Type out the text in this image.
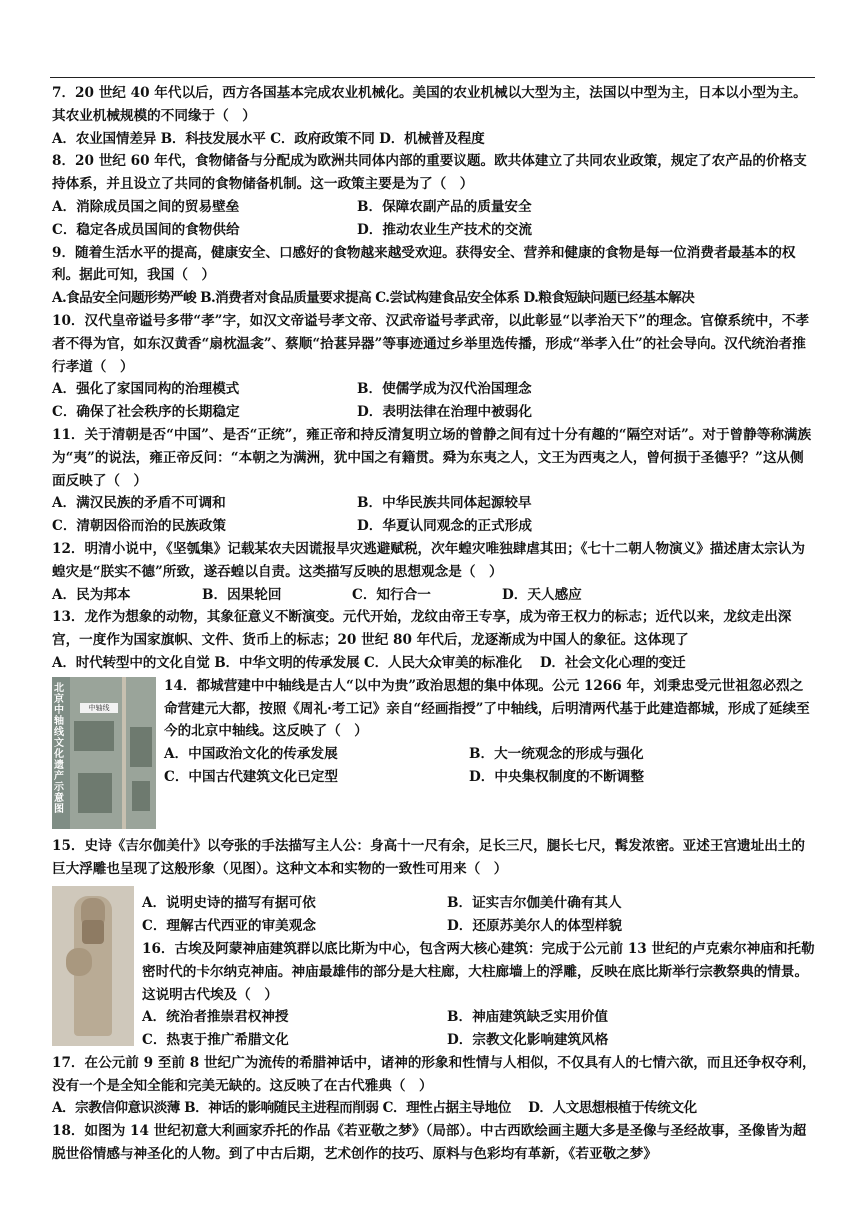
7．20 世纪 40 年代以后，西方各国基本完成农业机械化。美国的农业机械以大型为主，法国以中型为主，日本以小型为主。其农业机械规模的不同缘于（　）

A．农业国情差异 B．科技发展水平 C．政府政策不同 D．机械普及程度

8．20 世纪 60 年代，食物储备与分配成为欧洲共同体内部的重要议题。欧共体建立了共同农业政策，规定了农产品的价格支持体系，并且设立了共同的食物储备机制。这一政策主要是为了（　）

A．消除成员国之间的贸易壁垒	B．保障农副产品的质量安全
C．稳定各成员国间的食物供给	D．推动农业生产技术的交流

9．随着生活水平的提高，健康安全、口感好的食物越来越受欢迎。获得安全、营养和健康的食物是每一位消费者最基本的权利。据此可知，我国（　）

A.食品安全问题形势严峻 B.消费者对食品质量要求提高 C.尝试构建食品安全体系 D.粮食短缺问题已经基本解决

10．汉代皇帝谥号多带“孝”字，如汉文帝谥号孝文帝、汉武帝谥号孝武帝，以此彰显“以孝治天下”的理念。官僚系统中，不孝者不得为官，如东汉黄香“扇枕温衾”、蔡顺“拾葚异器”等事迹通过乡举里选传播，形成“举孝入仕”的社会导向。汉代统治者推行孝道（　）

A．强化了家国同构的治理模式	B．使儒学成为汉代治国理念
C．确保了社会秩序的长期稳定	D．表明法律在治理中被弱化

11．关于清朝是否“中国”、是否“正统”，雍正帝和持反清复明立场的曾静之间有过十分有趣的“隔空对话”。对于曾静等称满族为“夷”的说法，雍正帝反问：“本朝之为满洲，犹中国之有籍贯。舜为东夷之人，文王为西夷之人，曾何损于圣德乎？”这从侧面反映了（　）

A．满汉民族的矛盾不可调和	B．中华民族共同体起源较早
C．清朝因俗而治的民族政策	D．华夏认同观念的正式形成

12．明清小说中，《坚瓠集》记载某农夫因谎报旱灾逃避赋税，次年蝗灾唯独肆虐其田；《七十二朝人物演义》描述唐太宗认为蝗灾是“朕实不德”所致，遂吞蝗以自责。这类描写反映的思想观念是（　）

A．民为邦本	B．因果轮回	C．知行合一	D．天人感应

13．龙作为想象的动物，其象征意义不断演变。元代开始，龙纹由帝王专享，成为帝王权力的标志；近代以来，龙纹走出深宫，一度作为国家旗帜、文件、货币上的标志；20 世纪 80 年代后，龙逐渐成为中国人的象征。这体现了

A．时代转型中的文化自觉 B．中华文明的传承发展 C．人民大众审美的标准化　 D．社会文化心理的变迁

北京中轴线文化遗产示意图
中轴线

14．都城营建中中轴线是古人“以中为贵”政治思想的集中体现。公元 1266 年，刘秉忠受元世祖忽必烈之命营建元大都，按照《周礼·考工记》亲自“经画指授”了中轴线，后明清两代基于此建造都城，形成了延续至今的北京中轴线。这反映了（　）

A．中国政治文化的传承发展	B．大一统观念的形成与强化
C．中国古代建筑文化已定型	D．中央集权制度的不断调整

15．史诗《吉尔伽美什》以夸张的手法描写主人公：身高十一尺有余，足长三尺，腿长七尺，髯发浓密。亚述王宫遗址出土的巨大浮雕也呈现了这般形象（见图）。这种文本和实物的一致性可用来（　）

A．说明史诗的描写有据可依	B．证实吉尔伽美什确有其人
C．理解古代西亚的审美观念	D．还原苏美尔人的体型样貌

16．古埃及阿蒙神庙建筑群以底比斯为中心，包含两大核心建筑：完成于公元前 13 世纪的卢克索尔神庙和托勒密时代的卡尔纳克神庙。神庙最雄伟的部分是大柱廊，大柱廊墙上的浮雕，反映在底比斯举行宗教祭典的情景。这说明古代埃及（　）

A．统治者推崇君权神授	B．神庙建筑缺乏实用价值
C．热衷于推广希腊文化	D．宗教文化影响建筑风格

17．在公元前 9 至前 8 世纪广为流传的希腊神话中，诸神的形象和性情与人相似，不仅具有人的七情六欲，而且还争权夺利，没有一个是全知全能和完美无缺的。这反映了在古代雅典（　）

A．宗教信仰意识淡薄 B．神话的影响随民主进程而削弱 C．理性占据主导地位　 D．人文思想根植于传统文化

18．如图为 14 世纪初意大利画家乔托的作品《若亚敬之梦》（局部）。中古西欧绘画主题大多是圣像与圣经故事，圣像皆为超脱世俗情感与神圣化的人物。到了中古后期，艺术创作的技巧、原料与色彩均有革新，《若亚敬之梦》
